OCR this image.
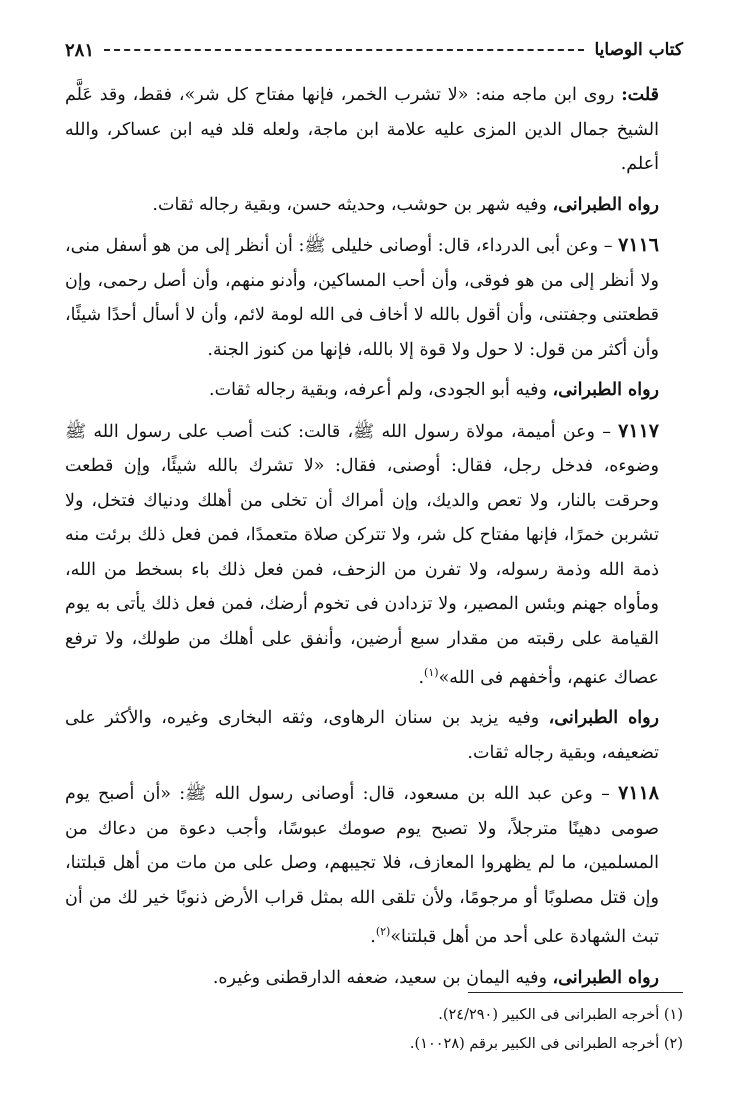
كتاب الوصايا
٢٨١

قلت: روى ابن ماجه منه: «لا تشرب الخمر، فإنها مفتاح كل شر»، فقط، وقد عَلَّم الشيخ جمال الدين المزى عليه علامة ابن ماجة، ولعله قلد فيه ابن عساكر، والله أعلم.

رواه الطبرانى، وفيه شهر بن حوشب، وحديثه حسن، وبقية رجاله ثقات.

٧١١٦ – وعن أبى الدرداء، قال: أوصانى خليلى ﷺ: أن أنظر إلى من هو أسفل منى، ولا أنظر إلى من هو فوقى، وأن أحب المساكين، وأدنو منهم، وأن أصل رحمى، وإن قطعتنى وجفتنى، وأن أقول بالله لا أخاف فى الله لومة لائم، وأن لا أسأل أحدًا شيئًا، وأن أكثر من قول: لا حول ولا قوة إلا بالله، فإنها من كنوز الجنة.

رواه الطبرانى، وفيه أبو الجودى، ولم أعرفه، وبقية رجاله ثقات.

٧١١٧ – وعن أميمة، مولاة رسول الله ﷺ، قالت: كنت أصب على رسول الله ﷺ وضوءه، فدخل رجل، فقال: أوصنى، فقال: «لا تشرك بالله شيئًا، وإن قطعت وحرقت بالنار، ولا تعص والديك، وإن أمراك أن تخلى من أهلك ودنياك فتخل، ولا تشربن خمرًا، فإنها مفتاح كل شر، ولا تتركن صلاة متعمدًا، فمن فعل ذلك برئت منه ذمة الله وذمة رسوله، ولا تفرن من الزحف، فمن فعل ذلك باء بسخط من الله، ومأواه جهنم وبئس المصير، ولا تزدادن فى تخوم أرضك، فمن فعل ذلك يأتى به يوم القيامة على رقبته من مقدار سبع أرضين، وأنفق على أهلك من طولك، ولا ترفع عصاك عنهم، وأخفهم فى الله»$^{(١)}$.

رواه الطبرانى، وفيه يزيد بن سنان الرهاوى، وثقه البخارى وغيره، والأكثر على تضعيفه، وبقية رجاله ثقات.

٧١١٨ – وعن عبد الله بن مسعود، قال: أوصانى رسول الله ﷺ: «أن أصبح يوم صومى دهينًا مترجلاً، ولا تصبح يوم صومك عبوسًا، وأجب دعوة من دعاك من المسلمين، ما لم يظهروا المعازف، فلا تجيبهم، وصل على من مات من أهل قبلتنا، وإن قتل مصلوبًا أو مرجومًا، ولأن تلقى الله بمثل قراب الأرض ذنوبًا خير لك من أن تبث الشهادة على أحد من أهل قبلتنا»$^{(٢)}$.

رواه الطبرانى، وفيه اليمان بن سعيد، ضعفه الدارقطنى وغيره.

(١) أخرجه الطبرانى فى الكبير (٢٤/٢٩٠).
(٢) أخرجه الطبرانى فى الكبير برقم (١٠٠٢٨).
